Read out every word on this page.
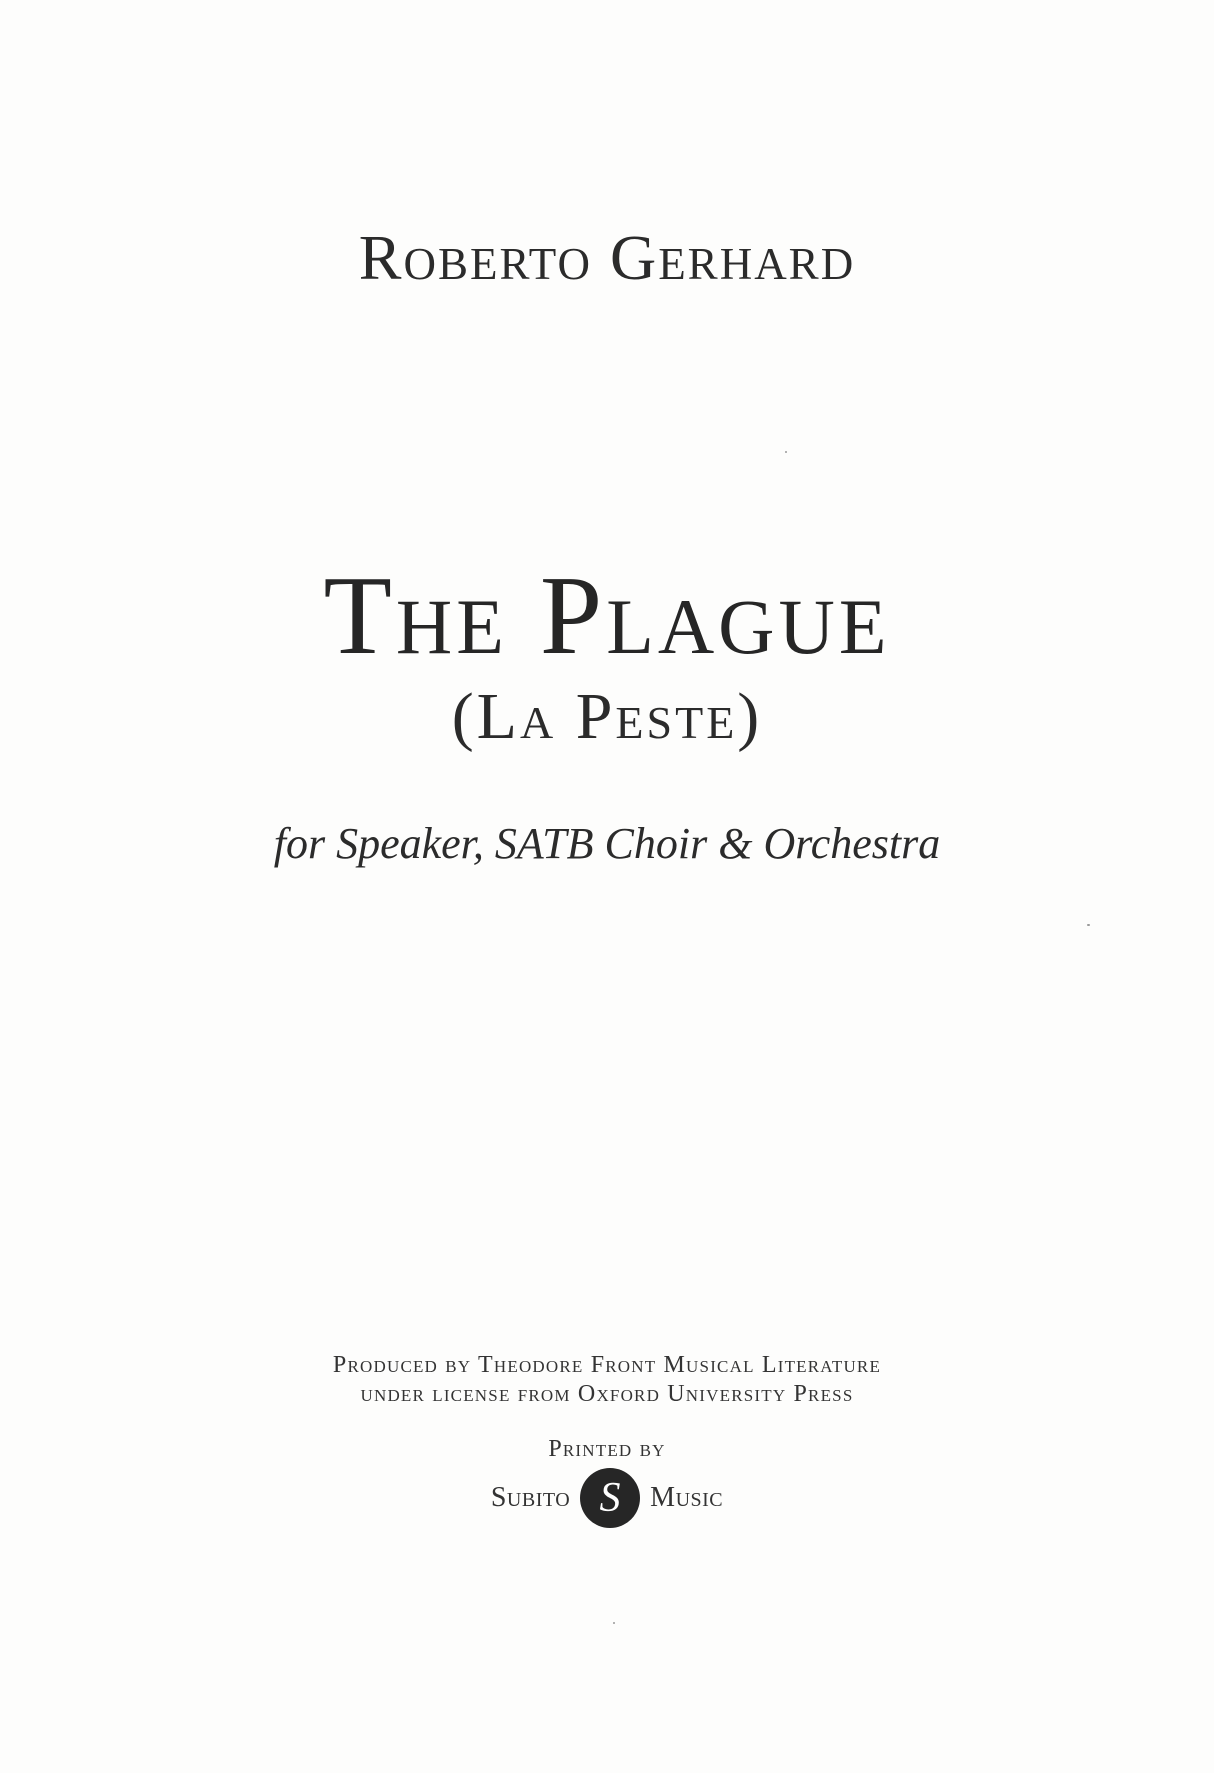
Roberto Gerhard
The Plague
(La Peste)
for Speaker, SATB Choir & Orchestra
Produced by Theodore Front Musical Literature
under license from Oxford University Press
Printed by
Subito S Music
